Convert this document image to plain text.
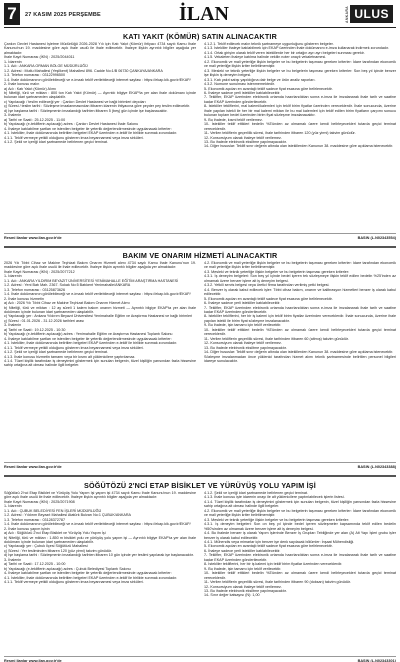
7	27 KASIM 2025 PERŞEMBE	İLAN	ANKARA ULUS
KATI YAKIT (KÖMÜR) SATIN ALINACAKTIR

Çankırı Devlet Hastanesi İşletme Müdürlüğü 2026-2028 Yılı için Katı Yakıt (Kömür) ihtiyacı 4734 sayılı Kamu İhale Kanunu'nun 19. maddesine göre açık ihale usulü ile ihale edilecektir. İhaleye ilişkin ayrıntılı bilgiler aşağıda yer almaktadır:

İhale Kayıt Numarası (İKN) : 2025/2044011

1- İdarenin

1.1. Adı : ANKARA ORMAN BÖLGE MÜDÜRLÜĞÜ

1.2. Adresi : Mutlu Mahallesi (Yeşilkent) Mahallesi 896. Cadde No:1/B 06730 ÇANKAYA/ANKARA

1.3. Telefon numarası : 03122996500

1.4. İhale dokümanının görülebileceği ve e-imzalı teklif verilebileceği internet sayfası : https://ekap.kik.gov.tr/EKAP/

2- İhale konusu malın

a) Adı : Katı Yakıt (Kömür) Alımı

b) Niteliği, türü ve miktarı : 800 ton Katı Yakıt (Kömür) — Ayrıntılı bilgiye EKAP'ta yer alan ihale dokümanı içinde bulunan idari şartnameden ulaşılabilir.

c) Yapılacağı / teslim edileceği yer : Çankırı Devlet Hastanesi ve bağlı birimleri depoları

ç) Süresi / teslim tarihi : Sözleşme imzalanmasından itibaren idarenin ihtiyacına göre peyder pey teslim edilecektir.

d) İşe başlama tarihi : Sözleşmenin imzalandığı tarihten itibaren 5 (beş) gün içinde işe başlanacaktır.

3- İhalenin

a) Tarihi ve Saati : 25.12.2025 - 11:00

b) Yapılacağı (e-tekliflerin açılacağı) adres : Çankırı Devlet Hastanesi İhale Salonu

4- İhaleye katılabilme şartları ve istenilen belgeler ile yeterlik değerlendirmesinde uygulanacak kriterler:

4.1. İstekliler, ihale dokümanında belirtilen belgeleri EKAP üzerinden e-teklif ile birlikte sunmak zorundadır.

4.1.1. Teklif vermeye yetkili olduğunu gösteren imza beyannamesi veya imza sirküleri.

4.1.2. Şekli ve içeriği idari şartnamede belirlenen geçici teminat.

4.1.2.1. Teklif edilecek malın teknik şartnameye uygunluğunu gösteren belgeler.

4.1.3. İstekliler ihaleye katılabilmek için EKAP üzerinden ihale dokümanını e-imza kullanarak indirmek zorundadır.

4.1.4. Ortak girişim olarak teklif veren isteklilerde her bir ortağın ayrı ayrı belgeleri sunması gerekir.

4.1.5. Vekaleten ihaleye katılma halinde vekilin noter onaylı vekaletnamesi.

4.2. Ekonomik ve mali yeterliğe ilişkin belgeler ve bu belgelerin taşıması gereken kriterler: İdare tarafından ekonomik ve mali yeterliğe ilişkin kriter belirtilmemiştir.

4.3. Mesleki ve teknik yeterliğe ilişkin belgeler ve bu belgelerin taşıması gereken kriterler: Son beş yıl içinde benzer işe ilişkin iş deneyim belgesi.

4.3.1. Katı yakıt satışı yapıldığına dair belge ve ürün analiz raporları.

4.3.2. Numune sunulması istenmemektedir.

5- Ekonomik açıdan en avantajlı teklif sadece fiyat esasına göre belirlenecektir.

6- İhaleye sadece yerli istekliler katılabilecektir.

7- Teklifler, EKAP üzerinden elektronik ortamda hazırlandıktan sonra e-imza ile imzalanarak ihale tarih ve saatine kadar EKAP üzerinden gönderilecektir.

8- İstekliler tekliflerini, mal kalemi/kalemleri için teklif birim fiyatlar üzerinden vereceklerdir. İhale sonucunda, üzerine ihale yapılan istekli ile her bir mal kalemi miktarı ile bu mal kalemleri için teklif edilen birim fiyatların çarpımı sonucu bulunan toplam bedel üzerinden birim fiyat sözleşme imzalanacaktır.

9- Bu ihalede, kısmi teklif verilemez.

10- İstekliler teklif ettikleri bedelin %3'ünden az olmamak üzere kendi belirleyecekleri tutarda geçici teminat vereceklerdir.

11- Verilen tekliflerin geçerlilik süresi, ihale tarihinden itibaren 120 (yüz yirmi) takvim günüdür.

12- Konsorsiyum olarak ihaleye teklif verilemez.

13- Bu ihalede elektronik eksiltme yapılmayacaktır.

14- Diğer hususlar: Teklifi sınır değerin altında olan isteklilerden Kanunun 38. maddesine göre açıklama istenecektir.

Resmi ilanlar www.ilan.gov.tr'de	BASIN (L.N02343554)
BAKIM VE ONARIM HİZMETİ ALINACAKTIR

2026 Yılı Tıbbi Cihaz ve Makine Teçhizat Bakım Onarım Hizmeti alımı 4734 sayılı Kamu İhale Kanunu'nun 19. maddesine göre açık ihale usulü ile ihale edilecektir. İhaleye ilişkin ayrıntılı bilgiler aşağıda yer almaktadır:

İhale Kayıt Numarası (İKN) : 2025/2077212

1- İdarenin

1.1. Adı : ANKARA YILDIRIM BEYAZIT ÜNİVERSİTESİ YENİMAHALLE EĞİTİM ARAŞTIRMA HASTANESİ

1.2. Adresi : Yeni Batı Mah. 2367. Sokak No:5 Batıkent Yenimahalle/ANKARA

1.3. Telefon numarası : 03125873626

1.4. İhale dokümanının görülebileceği ve e-imzalı teklif verilebileceği internet sayfası : https://ekap.kik.gov.tr/EKAP/

2- İhale konusu hizmetin

a) Adı : 2026 Yılı Tıbbi Cihaz ve Makine Teçhizat Bakım Onarım Hizmet Alımı

b) Niteliği, türü ve miktarı : 12 ay süreli 1 kalem bakım onarım hizmeti — Ayrıntılı bilgiye EKAP'ta yer alan ihale dokümanı içinde bulunan idari şartnameden ulaşılabilir.

c) Yapılacağı yer : Ankara Yıldırım Beyazıt Üniversitesi Yenimahalle Eğitim ve Araştırma Hastanesi ve bağlı birimleri

ç) Süresi : 01.01.2026 - 31.12.2026 tarihleri arası

3- İhalenin

a) Tarihi ve Saati : 19.12.2025 - 10:30

b) Yapılacağı (e-tekliflerin açılacağı) adres : Yenimahalle Eğitim ve Araştırma Hastanesi Toplantı Salonu

4- İhaleye katılabilme şartları ve istenilen belgeler ile yeterlik değerlendirmesinde uygulanacak kriterler:

4.1. İstekliler, ihale dokümanında belirtilen belgeleri EKAP üzerinden e-teklif ile birlikte sunmak zorundadır.

4.1.1. Teklif vermeye yetkili olduğunu gösteren imza beyannamesi veya imza sirküleri.

4.1.2. Şekli ve içeriği idari şartnamede belirlenen geçici teminat.

4.1.3. İhale konusu hizmetin tamamı veya bir kısmı alt yüklenicilere yaptırılamaz.

4.1.4. Tüzel kişilik tarafından iş deneyimini göstermek için sunulan belgenin, tüzel kişiliğin yarısından fazla hissesine sahip ortağına ait olması halinde ilgili belgeler.

4.2. Ekonomik ve mali yeterliğe ilişkin belgeler ve bu belgelerin taşıması gereken kriterler: İdare tarafından ekonomik ve mali yeterliğe ilişkin kriter belirtilmemiştir.

4.3. Mesleki ve teknik yeterliğe ilişkin belgeler ve bu belgelerin taşıması gereken kriterler:

4.3.1. İş deneyim belgeleri: Son beş yıl içinde bedel içeren tek sözleşmeye ilişkin teklif edilen bedelin %25'inden az olmamak üzere benzer işlere ait iş deneyim belgesi.

4.3.2. Yetkili servis belgesi veya üretici firma tarafından verilmiş yetki belgesi.

4.4. Benzer iş olarak kabul edilecek işler: Tıbbi cihaz bakım, onarım ve kalibrasyon hizmetleri benzer iş olarak kabul edilecektir.

5- Ekonomik açıdan en avantajlı teklif sadece fiyat esasına göre belirlenecektir.

6- İhaleye sadece yerli istekliler katılabilecektir.

7- Teklifler, EKAP üzerinden elektronik ortamda hazırlandıktan sonra e-imza ile imzalanarak ihale tarih ve saatine kadar EKAP üzerinden gönderilecektir.

8- İstekliler tekliflerini, her bir iş kalemi için teklif birim fiyatlar üzerinden vereceklerdir. İhale sonucunda, üzerine ihale yapılan istekli ile birim fiyat sözleşme imzalanacaktır.

9- Bu ihalede, işin tamamı için teklif verilecektir.

10- İstekliler teklif ettikleri bedelin %3'ünden az olmamak üzere kendi belirleyecekleri tutarda geçici teminat vereceklerdir.

11- Verilen tekliflerin geçerlilik süresi, ihale tarihinden itibaren 60 (altmış) takvim günüdür.

12- Konsorsiyum olarak ihaleye teklif verilemez.

13- Bu ihalede elektronik eksiltme yapılmayacaktır.

14- Diğer hususlar: Teklifi sınır değerin altında olan isteklilerden Kanunun 38. maddesine göre açıklama istenecektir.

Sözleşme imzalanmadan önce yüklenici tarafından hizmet alımı teknik şartnamesinde belirtilen personel bilgileri idareye sunulacaktır.

Resmi ilanlar www.ilan.gov.tr'de	BASIN (L.N02343388)
SÖĞÜTÖZÜ 2'NCİ ETAP BİSİKLET VE YÜRÜYÜŞ YOLU YAPIM İŞİ

Söğütözü 2'nci Etap Bisiklet ve Yürüyüş Yolu Yapım İşi yapım işi 4734 sayılı Kamu İhale Kanunu'nun 19. maddesine göre açık ihale usulü ile ihale edilecektir. İhaleye ilişkin ayrıntılı bilgiler aşağıda yer almaktadır:

İhale Kayıt Numarası (İKN) : 2025/2071908

1- İdarenin

1.1. Adı : ÇUBUK BELEDİYESİ FEN İŞLERİ MÜDÜRLÜĞÜ

1.2. Adresi : Yıldırım Beyazıt Mahallesi Atatürk Bulvarı No:1 ÇUBUK/ANKARA

1.3. Telefon numarası : 03128372787

1.4. İhale dokümanının görülebileceği ve e-imzalı teklif verilebileceği internet sayfası : https://ekap.kik.gov.tr/EKAP/

2- İhale konusu yapım işinin

a) Adı : Söğütözü 2'nci Etap Bisiklet ve Yürüyüş Yolu Yapım İşi

b) Niteliği, türü ve miktarı : 1.850 m bisiklet yolu ve yürüyüş yolu yapım işi — Ayrıntılı bilgiye EKAP'ta yer alan ihale dokümanı içinde bulunan idari şartnameden ulaşılabilir.

c) Yapılacağı yer : Çubuk İlçesi Söğütözü Mahallesi

ç) Süresi : Yer tesliminden itibaren 120 (yüz yirmi) takvim günüdür.

d) İşe başlama tarihi : Sözleşmenin imzalandığı tarihten itibaren 10 gün içinde yer teslimi yapılarak işe başlanacaktır.

3- İhalenin

a) Tarihi ve Saati : 17.12.2025 - 10:00

b) Yapılacağı (e-tekliflerin açılacağı) adres : Çubuk Belediyesi Toplantı Salonu

4- İhaleye katılabilme şartları ve istenilen belgeler ile yeterlik değerlendirmesinde uygulanacak kriterler:

4.1. İstekliler, ihale dokümanında belirtilen belgeleri EKAP üzerinden e-teklif ile birlikte sunmak zorundadır.

4.1.1. Teklif vermeye yetkili olduğunu gösteren imza beyannamesi veya imza sirküleri.

4.1.2. Şekli ve içeriği idari şartnamede belirlenen geçici teminat.

4.1.3. İhale konusu işte idarenin onayı ile alt yüklenicilere yaptırılabilecek işlerin listesi.

4.1.4. Tüzel kişilik tarafından iş deneyimini göstermek için sunulan belgenin, tüzel kişiliğin yarısından fazla hissesine sahip ortağına ait olması halinde ilgili belgeler.

4.2. Ekonomik ve mali yeterliğe ilişkin belgeler ve bu belgelerin taşıması gereken kriterler: İdare tarafından ekonomik ve mali yeterliğe ilişkin kriter belirtilmemiştir.

4.3. Mesleki ve teknik yeterliğe ilişkin belgeler ve bu belgelerin taşıması gereken kriterler:

4.3.1. İş deneyim belgeleri: Son on beş yıl içinde bedel içeren sözleşmeler kapsamında teklif edilen bedelin %50'sinden az olmamak üzere benzer işlere ait iş deneyim belgesi.

4.4. Bu ihalede benzer iş olarak Yapım İşlerinde Benzer İş Grupları Tebliğinde yer alan (A) Alt Yapı İşleri grubu işler benzer iş olarak kabul edilecektir.

4.4.1. Mühendis veya mimarlar için benzer işe denk sayılacak bölümler: İnşaat Mühendisliği.

5- Ekonomik açıdan en avantajlı teklif sadece fiyat esasına göre belirlenecektir.

6- İhaleye sadece yerli istekliler katılabilecektir.

7- Teklifler, EKAP üzerinden elektronik ortamda hazırlandıktan sonra e-imza ile imzalanarak ihale tarih ve saatine kadar EKAP üzerinden gönderilecektir.

8- İstekliler tekliflerini, her bir iş kalemi için teklif birim fiyatlar üzerinden vereceklerdir.

9- Bu ihalede, işin tamamı için teklif verilecektir.

10- İstekliler teklif ettikleri bedelin %3'ünden az olmamak üzere kendi belirleyecekleri tutarda geçici teminat vereceklerdir.

11- Verilen tekliflerin geçerlilik süresi, ihale tarihinden itibaren 90 (doksan) takvim günüdür.

12- Konsorsiyum olarak ihaleye teklif verilemez.

13- Bu ihalede elektronik eksiltme yapılmayacaktır.

14- Sınır değer katsayısı (N): 1,00

Resmi ilanlar www.ilan.gov.tr'de	BASIN (L.N02343301)
